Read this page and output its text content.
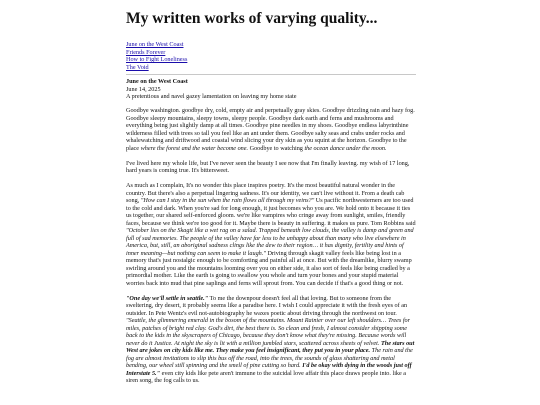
My written works of varying quality...
June on the West Coast
Friends Forever
How to Fight Loneliness
The Void
June on the West Coast
June 14, 2025
A pretentious and navel gazey lamentation on leaving my home state

Goodbye washington. goodbye dry, cold, empty air and perpetually gray skies. Goodbye drizzling rain and hazy fog. Goodbye sleepy mountains, sleepy towns, sleepy people. Goodbye dark earth and ferns and mushrooms and everything being just slightly damp at all times. Goodbye pine needles in my shoes. Goodbye endless labyrinthine wilderness filled with trees so tall you feel like an ant under them. Goodbye salty seas and crabs under rocks and whalewatching and driftwood and coastal wind slicing your dry skin as you squint at the horizon. Goodbye to the place where the forest and the water become one. Goodbye to watching the ocean dance under the moon.

I've lived here my whole life, but I've never seen the beauty I see now that I'm finally leaving. my wish of 17 long, hard years is coming true. It's bittersweet.

As much as I complain, It's no wonder this place inspires poetry. It's the most beautiful natural wonder in the country. But there's also a perpetual lingering sadness. It's our identity, we can't live without it. From a death cab song, "How can I stay in the sun when the rain flows all through my veins?" Us pacific northwesterners are too used to the cold and dark. When you're sad for long enough, it just becomes who you are. We hold onto it because it ties us together, our shared self-enforced gloom. we're like vampires who cringe away from sunlight, smiles, friendly faces, because we think we're too good for it. Maybe there is beauty in suffering. it makes us pure. Tom Robbins said "October lies on the Skagit like a wet rag on a salad. Trapped beneath low clouds, the valley is damp and green and full of sad memories. The people of the valley have far less to be unhappy about than many who live elsewhere in America, but, still, an aboriginal sadness clings like the dew to their region… it has dignity, fertility and hints of inner meaning—but nothing can seem to make it laugh." Driving through skagit valley feels like being lost in a memory that's just nostalgic enough to be comforting and painful all at once. But with the dreamlike, blurry swamp swirling around you and the mountains looming over you on either side, it also sort of feels like being cradled by a primordial mother. Like the earth is going to swallow you whole and turn your bones and your stupid material worries back into mud that pine saplings and ferns will sprout from. You can decide if that's a good thing or not.

"One day we'll settle in seattle." To me the downpour doesn't feel all that loving. But to someone from the sweltering, dry desert, it probably seems like a paradise here. I wish I could appreciate it with the fresh eyes of an outsider. In Pete Wentz's evil not-autobiography he waxes poetic about driving through the northwest on tour. "Seattle, the glimmering emerald in the bosom of the mountains. Mount Rainier over our left shoulders… Trees for miles, patches of bright red clay. God's dirt, the best there is. So clean and fresh, I almost consider shipping some back to the kids in the skyscrapers of Chicago, because they don't know what they're missing. Because words will never do it Justice. At night the sky is lit with a million jumbled stars, scattered across sheets of velvet. The stars out West are jokes on city kids like me. They make you feel insignificant, they put you in your place. The rain and the fog are almost invitations to slip this bus off the road, into the trees, the sounds of glass shattering and metal bending, our wheel still spinning and the smell of pine cutting so hard. I'd be okay with dying in the woods just off Interstate 5." even city kids like pete aren't immune to the suicidal love affair this place draws people into. like a siren song, the fog calls to us.
